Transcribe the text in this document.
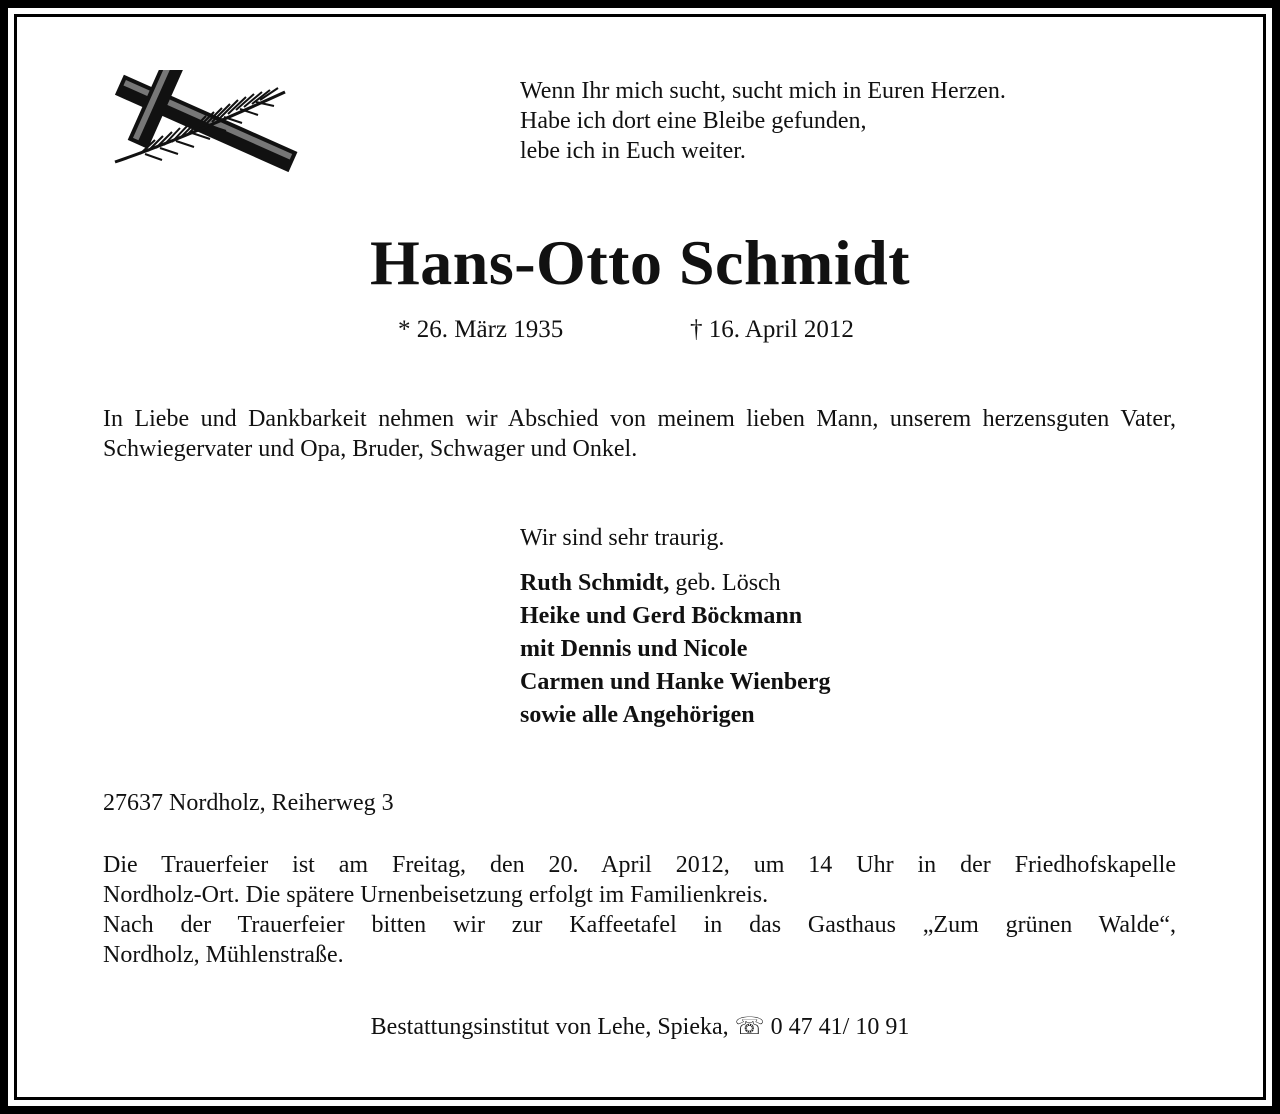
Wenn Ihr mich sucht, sucht mich in Euren Herzen.
Habe ich dort eine Bleibe gefunden,
lebe ich in Euch weiter.
Hans-Otto Schmidt
* 26. März 1935	† 16. April 2012
In Liebe und Dankbarkeit nehmen wir Abschied von meinem lieben Mann, unserem herzensguten Vater, Schwiegervater und Opa, Bruder, Schwager und Onkel.
Wir sind sehr traurig.
Ruth Schmidt, geb. Lösch
Heike und Gerd Böckmann
mit Dennis und Nicole
Carmen und Hanke Wienberg
sowie alle Angehörigen
27637 Nordholz, Reiherweg 3
Die Trauerfeier ist am Freitag, den 20. April 2012, um 14 Uhr in der Friedhofskapelle
Nordholz-Ort. Die spätere Urnenbeisetzung erfolgt im Familienkreis.
Nach der Trauerfeier bitten wir zur Kaffeetafel in das Gasthaus „Zum grünen Walde“,
Nordholz, Mühlenstraße.
Bestattungsinstitut von Lehe, Spieka, ☏ 0 47 41/ 10 91
